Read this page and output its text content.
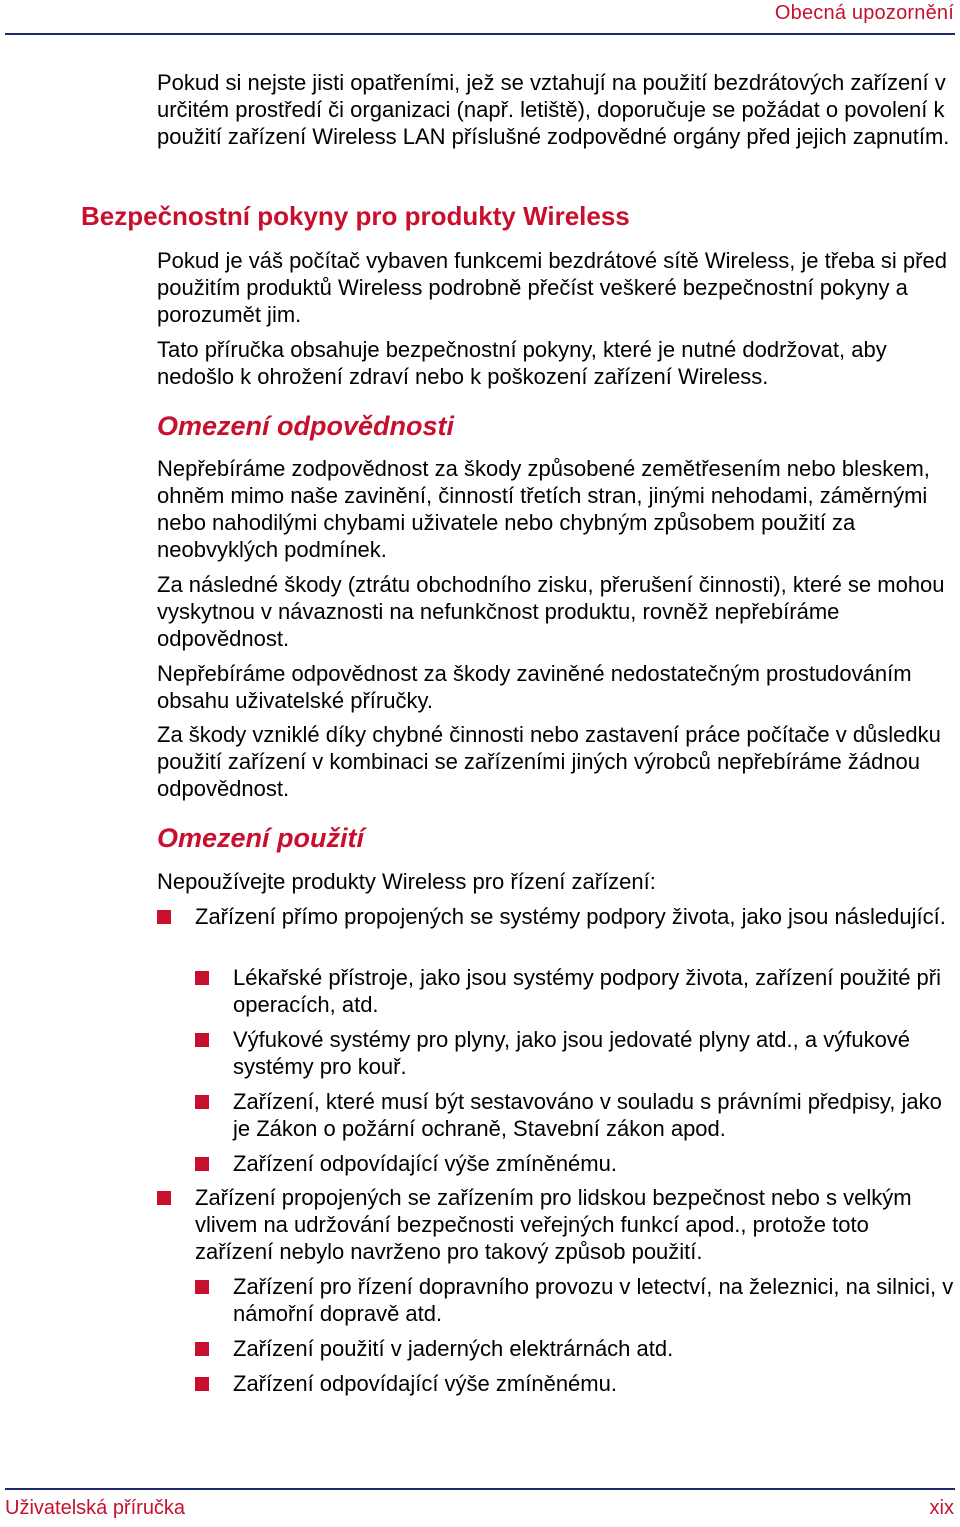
Obecná upozornění

Pokud si nejste jisti opatřeními, jež se vztahují na použití bezdrátových zařízení v určitém prostředí či organizaci (např. letiště), doporučuje se požádat o povolení k použití zařízení Wireless LAN příslušné zodpovědné orgány před jejich zapnutím.

Bezpečnostní pokyny pro produkty Wireless

Pokud je váš počítač vybaven funkcemi bezdrátové sítě Wireless, je třeba si před použitím produktů Wireless podrobně přečíst veškeré bezpečnostní pokyny a porozumět jim.

Tato příručka obsahuje bezpečnostní pokyny, které je nutné dodržovat, aby nedošlo k ohrožení zdraví nebo k poškození zařízení Wireless.

Omezení odpovědnosti

Nepřebíráme zodpovědnost za škody způsobené zemětřesením nebo bleskem, ohněm mimo naše zavinění, činností třetích stran, jinými nehodami, záměrnými nebo nahodilými chybami uživatele nebo chybným způsobem použití za neobvyklých podmínek.

Za následné škody (ztrátu obchodního zisku, přerušení činnosti), které se mohou vyskytnou v návaznosti na nefunkčnost produktu, rovněž nepřebíráme odpovědnost.

Nepřebíráme odpovědnost za škody zaviněné nedostatečným prostudováním obsahu uživatelské příručky.

Za škody vzniklé díky chybné činnosti nebo zastavení práce počítače v důsledku použití zařízení v kombinaci se zařízeními jiných výrobců nepřebíráme žádnou odpovědnost.

Omezení použití

Nepoužívejte produkty Wireless pro řízení zařízení:

Zařízení přímo propojených se systémy podpory života, jako jsou následující.
Lékařské přístroje, jako jsou systémy podpory života, zařízení použité při operacích, atd.
Výfukové systémy pro plyny, jako jsou jedovaté plyny atd., a výfukové systémy pro kouř.
Zařízení, které musí být sestavováno v souladu s právními předpisy, jako je Zákon o požární ochraně, Stavební zákon apod.
Zařízení odpovídající výše zmíněnému.
Zařízení propojených se zařízením pro lidskou bezpečnost nebo s velkým vlivem na udržování bezpečnosti veřejných funkcí apod., protože toto zařízení nebylo navrženo pro takový způsob použití.
Zařízení pro řízení dopravního provozu v letectví, na železnici, na silnici, v námořní dopravě atd.
Zařízení použití v jaderných elektrárnách atd.
Zařízení odpovídající výše zmíněnému.
Uživatelská příručka	xix
